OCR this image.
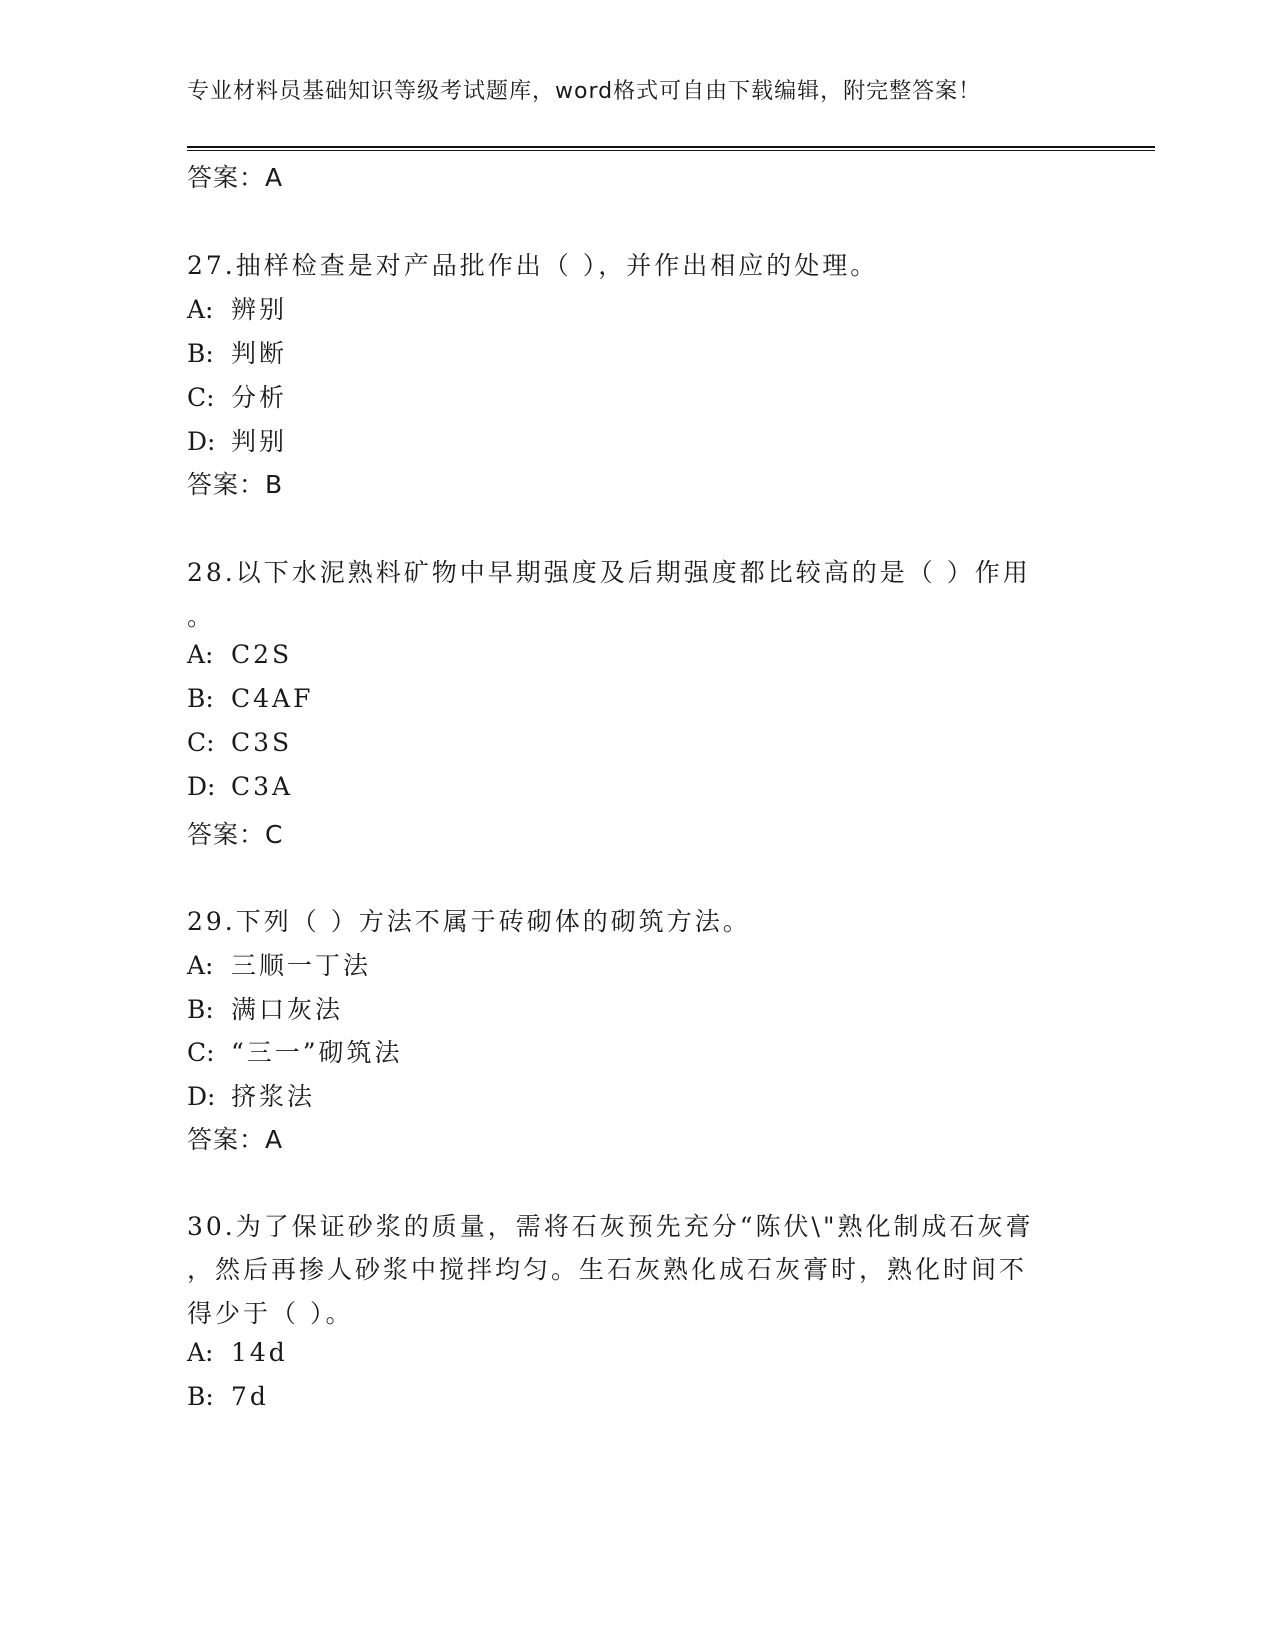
专业材料员基础知识等级考试题库，word格式可自由下载编辑，附完整答案！
答案：A
27.抽样检查是对产品批作出（ ），并作出相应的处理。
A: 辨别
B: 判断
C: 分析
D: 判别
答案：B
28.以下水泥熟料矿物中早期强度及后期强度都比较高的是（ ）作用
。
A: C2S
B: C4AF
C: C3S
D: C3A
答案：C
29.下列（ ）方法不属于砖砌体的砌筑方法。
A: 三顺一丁法
B: 满口灰法
C: “三一”砌筑法
D: 挤浆法
答案：A
30.为了保证砂浆的质量，需将石灰预先充分“陈伏\"熟化制成石灰膏
，然后再掺人砂浆中搅拌均匀。生石灰熟化成石灰膏时，熟化时间不
得少于（ ）。
A: 14d
B: 7d
